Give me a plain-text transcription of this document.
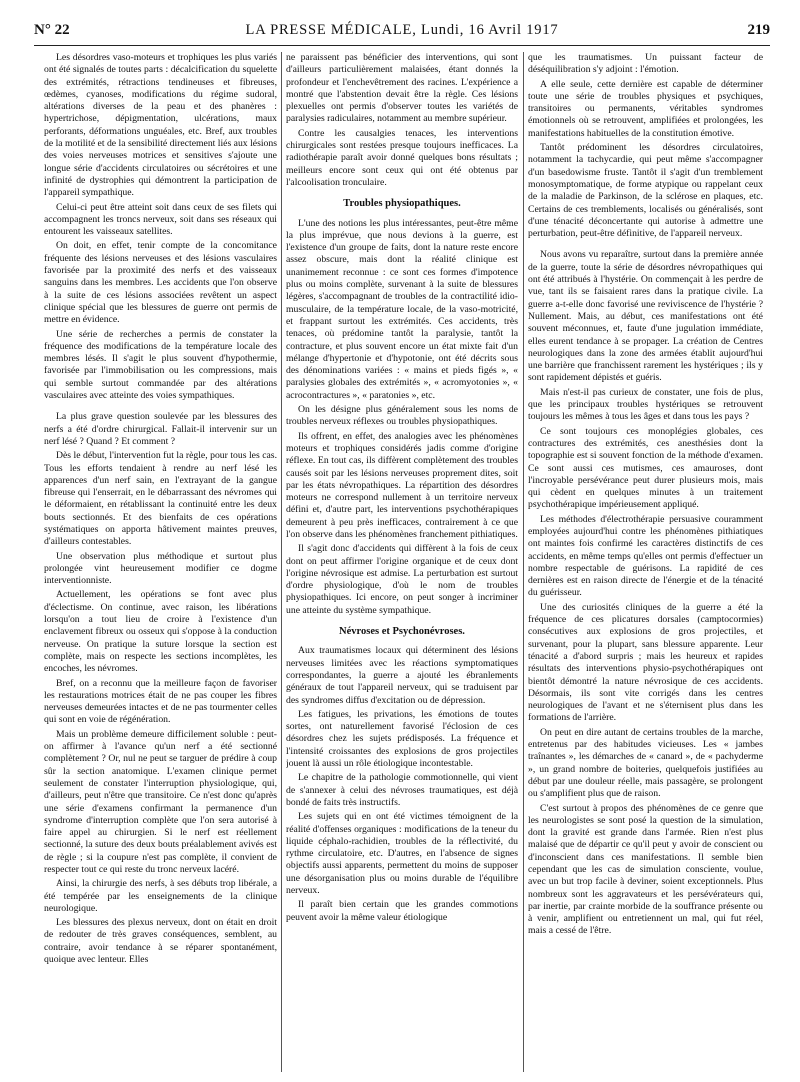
N° 22	LA PRESSE MÉDICALE, Lundi, 16 Avril 1917	219

Les désordres vaso-moteurs et trophiques les plus variés ont été signalés de toutes parts : décalcification du squelette des extrémités, rétractions tendineuses et fibreuses, œdèmes, cyanoses, modifications du régime sudoral, altérations diverses de la peau et des phanères : hypertrichose, dépigmentation, ulcérations, maux perforants, déformations unguéales, etc. Bref, aux troubles de la motilité et de la sensibilité directement liés aux lésions des voies nerveuses motrices et sensitives s'ajoute une longue série d'accidents circulatoires ou sécrétoires et une infinité de dystrophies qui démontrent la participation de l'appareil sympathique.

Celui-ci peut être atteint soit dans ceux de ses filets qui accompagnent les troncs nerveux, soit dans ses réseaux qui entourent les vaisseaux satellites.

On doit, en effet, tenir compte de la concomitance fréquente des lésions nerveuses et des lésions vasculaires favorisée par la proximité des nerfs et des vaisseaux sanguins dans les membres. Les accidents que l'on observe à la suite de ces lésions associées revêtent un aspect clinique spécial que les blessures de guerre ont permis de mettre en évidence.

Une série de recherches a permis de constater la fréquence des modifications de la température locale des membres lésés. Il s'agit le plus souvent d'hypothermie, favorisée par l'immobilisation ou les compressions, mais qui semble surtout commandée par des altérations vasculaires avec atteinte des voies sympathiques.

La plus grave question soulevée par les blessures des nerfs a été d'ordre chirurgical. Fallait-il intervenir sur un nerf lésé ? Quand ? Et comment ?

Dès le début, l'intervention fut la règle, pour tous les cas. Tous les efforts tendaient à rendre au nerf lésé les apparences d'un nerf sain, en l'extrayant de la gangue fibreuse qui l'enserrait, en le débarrassant des névromes qui le déformaient, en rétablissant la continuité entre les deux bouts sectionnés. Et des bienfaits de ces opérations systématiques on apporta hâtivement maintes preuves, d'ailleurs contestables.

Une observation plus méthodique et surtout plus prolongée vint heureusement modifier ce dogme interventionniste.

Actuellement, les opérations se font avec plus d'éclectisme. On continue, avec raison, les libérations lorsqu'on a tout lieu de croire à l'existence d'un enclavement fibreux ou osseux qui s'oppose à la conduction nerveuse. On pratique la suture lorsque la section est complète, mais on respecte les sections incomplètes, les encoches, les névromes.

Bref, on a reconnu que la meilleure façon de favoriser les restaurations motrices était de ne pas couper les fibres nerveuses demeurées intactes et de ne pas tourmenter celles qui sont en voie de régénération.

Mais un problème demeure difficilement soluble : peut-on affirmer à l'avance qu'un nerf a été sectionné complètement ? Or, nul ne peut se targuer de prédire à coup sûr la section anatomique. L'examen clinique permet seulement de constater l'interruption physiologique, qui, d'ailleurs, peut n'être que transitoire. Ce n'est donc qu'après une série d'examens confirmant la permanence d'un syndrome d'interruption complète que l'on sera autorisé à faire appel au chirurgien. Si le nerf est réellement sectionné, la suture des deux bouts préalablement avivés est de règle ; si la coupure n'est pas complète, il convient de respecter tout ce qui reste du tronc nerveux lacéré.

Ainsi, la chirurgie des nerfs, à ses débuts trop libérale, a été tempérée par les enseignements de la clinique neurologique.

Les blessures des plexus nerveux, dont on était en droit de redouter de très graves conséquences, semblent, au contraire, avoir tendance à se réparer spontanément, quoique avec lenteur. Elles

ne paraissent pas bénéficier des interventions, qui sont d'ailleurs particulièrement malaisées, étant donnés la profondeur et l'enchevêtrement des racines. L'expérience a montré que l'abstention devait être la règle. Ces lésions plexuelles ont permis d'observer toutes les variétés de paralysies radiculaires, notamment au membre supérieur.

Contre les causalgies tenaces, les interventions chirurgicales sont restées presque toujours inefficaces. La radiothérapie paraît avoir donné quelques bons résultats ; meilleurs encore sont ceux qui ont été obtenus par l'alcoolisation tronculaire.

Troubles physiopathiques.

L'une des notions les plus intéressantes, peut-être même la plus imprévue, que nous devions à la guerre, est l'existence d'un groupe de faits, dont la nature reste encore assez obscure, mais dont la réalité clinique est unanimement reconnue : ce sont ces formes d'impotence plus ou moins complète, survenant à la suite de blessures légères, s'accompagnant de troubles de la contractilité idio-musculaire, de la température locale, de la vaso-motricité, et frappant surtout les extrémités. Ces accidents, très tenaces, où prédomine tantôt la paralysie, tantôt la contracture, et plus souvent encore un état mixte fait d'un mélange d'hypertonie et d'hypotonie, ont été décrits sous des dénominations variées : « mains et pieds figés », « paralysies globales des extrémités », « acromyotonies », « acrocontractures », « paratonies », etc.

On les désigne plus généralement sous les noms de troubles nerveux réflexes ou troubles physiopathiques.

Ils offrent, en effet, des analogies avec les phénomènes moteurs et trophiques considérés jadis comme d'origine réflexe. En tout cas, ils diffèrent complètement des troubles causés soit par les lésions nerveuses proprement dites, soit par les états névropathiques. La répartition des désordres moteurs ne correspond nullement à un territoire nerveux défini et, d'autre part, les interventions psychothérapiques demeurent à peu près inefficaces, contrairement à ce que l'on observe dans les phénomènes franchement pithiatiques.

Il s'agit donc d'accidents qui diffèrent à la fois de ceux dont on peut affirmer l'origine organique et de ceux dont l'origine névrosique est admise. La perturbation est surtout d'ordre physiologique, d'où le nom de troubles physiopathiques. Ici encore, on peut songer à incriminer une atteinte du système sympathique.

Névroses et Psychonévroses.

Aux traumatismes locaux qui déterminent des lésions nerveuses limitées avec les réactions symptomatiques correspondantes, la guerre a ajouté les ébranlements généraux de tout l'appareil nerveux, qui se traduisent par des syndromes diffus d'excitation ou de dépression.

Les fatigues, les privations, les émotions de toutes sortes, ont naturellement favorisé l'éclosion de ces désordres chez les sujets prédisposés. La fréquence et l'intensité croissantes des explosions de gros projectiles jouent là aussi un rôle étiologique incontestable.

Le chapitre de la pathologie commotionnelle, qui vient de s'annexer à celui des névroses traumatiques, est déjà bondé de faits très instructifs.

Les sujets qui en ont été victimes témoignent de la réalité d'offenses organiques : modifications de la teneur du liquide céphalo-rachidien, troubles de la réflectivité, du rythme circulatoire, etc. D'autres, en l'absence de signes objectifs aussi apparents, permettent du moins de supposer une désorganisation plus ou moins durable de l'équilibre nerveux.

Il paraît bien certain que les grandes commotions peuvent avoir la même valeur étiologique

que les traumatismes. Un puissant facteur de déséquilibration s'y adjoint : l'émotion.

A elle seule, cette dernière est capable de déterminer toute une série de troubles physiques et psychiques, transitoires ou permanents, véritables syndromes émotionnels où se retrouvent, amplifiées et prolongées, les manifestations habituelles de la constitution émotive.

Tantôt prédominent les désordres circulatoires, notamment la tachycardie, qui peut même s'accompagner d'un basedowisme fruste. Tantôt il s'agit d'un tremblement monosymptomatique, de forme atypique ou rappelant ceux de la maladie de Parkinson, de la sclérose en plaques, etc. Certains de ces tremblements, localisés ou généralisés, sont d'une ténacité déconcertante qui autorise à admettre une perturbation, peut-être définitive, de l'appareil nerveux.

Nous avons vu reparaître, surtout dans la première année de la guerre, toute la série de désordres névropathiques qui ont été attribués à l'hystérie. On commençait à les perdre de vue, tant ils se faisaient rares dans la pratique civile. La guerre a-t-elle donc favorisé une reviviscence de l'hystérie ? Nullement. Mais, au début, ces manifestations ont été souvent méconnues, et, faute d'une jugulation immédiate, elles eurent tendance à se propager. La création de Centres neurologiques dans la zone des armées établit aujourd'hui une barrière que franchissent rarement les hystériques ; ils y sont rapidement dépistés et guéris.

Mais n'est-il pas curieux de constater, une fois de plus, que les principaux troubles hystériques se retrouvent toujours les mêmes à tous les âges et dans tous les pays ?

Ce sont toujours ces monoplégies globales, ces contractures des extrémités, ces anesthésies dont la topographie est si souvent fonction de la méthode d'examen. Ce sont aussi ces mutismes, ces amauroses, dont l'incroyable persévérance peut durer plusieurs mois, mais qui cèdent en quelques minutes à un traitement psychothérapique impérieusement appliqué.

Les méthodes d'électrothérapie persuasive couramment employées aujourd'hui contre les phénomènes pithiatiques ont maintes fois confirmé les caractères distinctifs de ces accidents, en même temps qu'elles ont permis d'effectuer un nombre respectable de guérisons. La rapidité de ces dernières est en raison directe de l'énergie et de la ténacité du guérisseur.

Une des curiosités cliniques de la guerre a été la fréquence de ces plicatures dorsales (camptocormies) consécutives aux explosions de gros projectiles, et survenant, pour la plupart, sans blessure apparente. Leur ténacité a d'abord surpris ; mais les heureux et rapides résultats des interventions physio-psychothérapiques ont bientôt démontré la nature névrosique de ces accidents. Désormais, ils sont vite corrigés dans les centres neurologiques de l'avant et ne s'éternisent plus dans les formations de l'arrière.

On peut en dire autant de certains troubles de la marche, entretenus par des habitudes vicieuses. Les « jambes traînantes », les démarches de « canard », de « pachyderme », un grand nombre de boiteries, quelquefois justifiées au début par une douleur réelle, mais passagère, se prolongent ou s'amplifient plus que de raison.

C'est surtout à propos des phénomènes de ce genre que les neurologistes se sont posé la question de la simulation, dont la gravité est grande dans l'armée. Rien n'est plus malaisé que de départir ce qu'il peut y avoir de conscient ou d'inconscient dans ces manifestations. Il semble bien cependant que les cas de simulation consciente, voulue, avec un but trop facile à deviner, soient exceptionnels. Plus nombreux sont les aggravateurs et les persévérateurs qui, par inertie, par crainte morbide de la souffrance présente ou à venir, amplifient ou entretiennent un mal, qui fut réel, mais a cessé de l'être.
